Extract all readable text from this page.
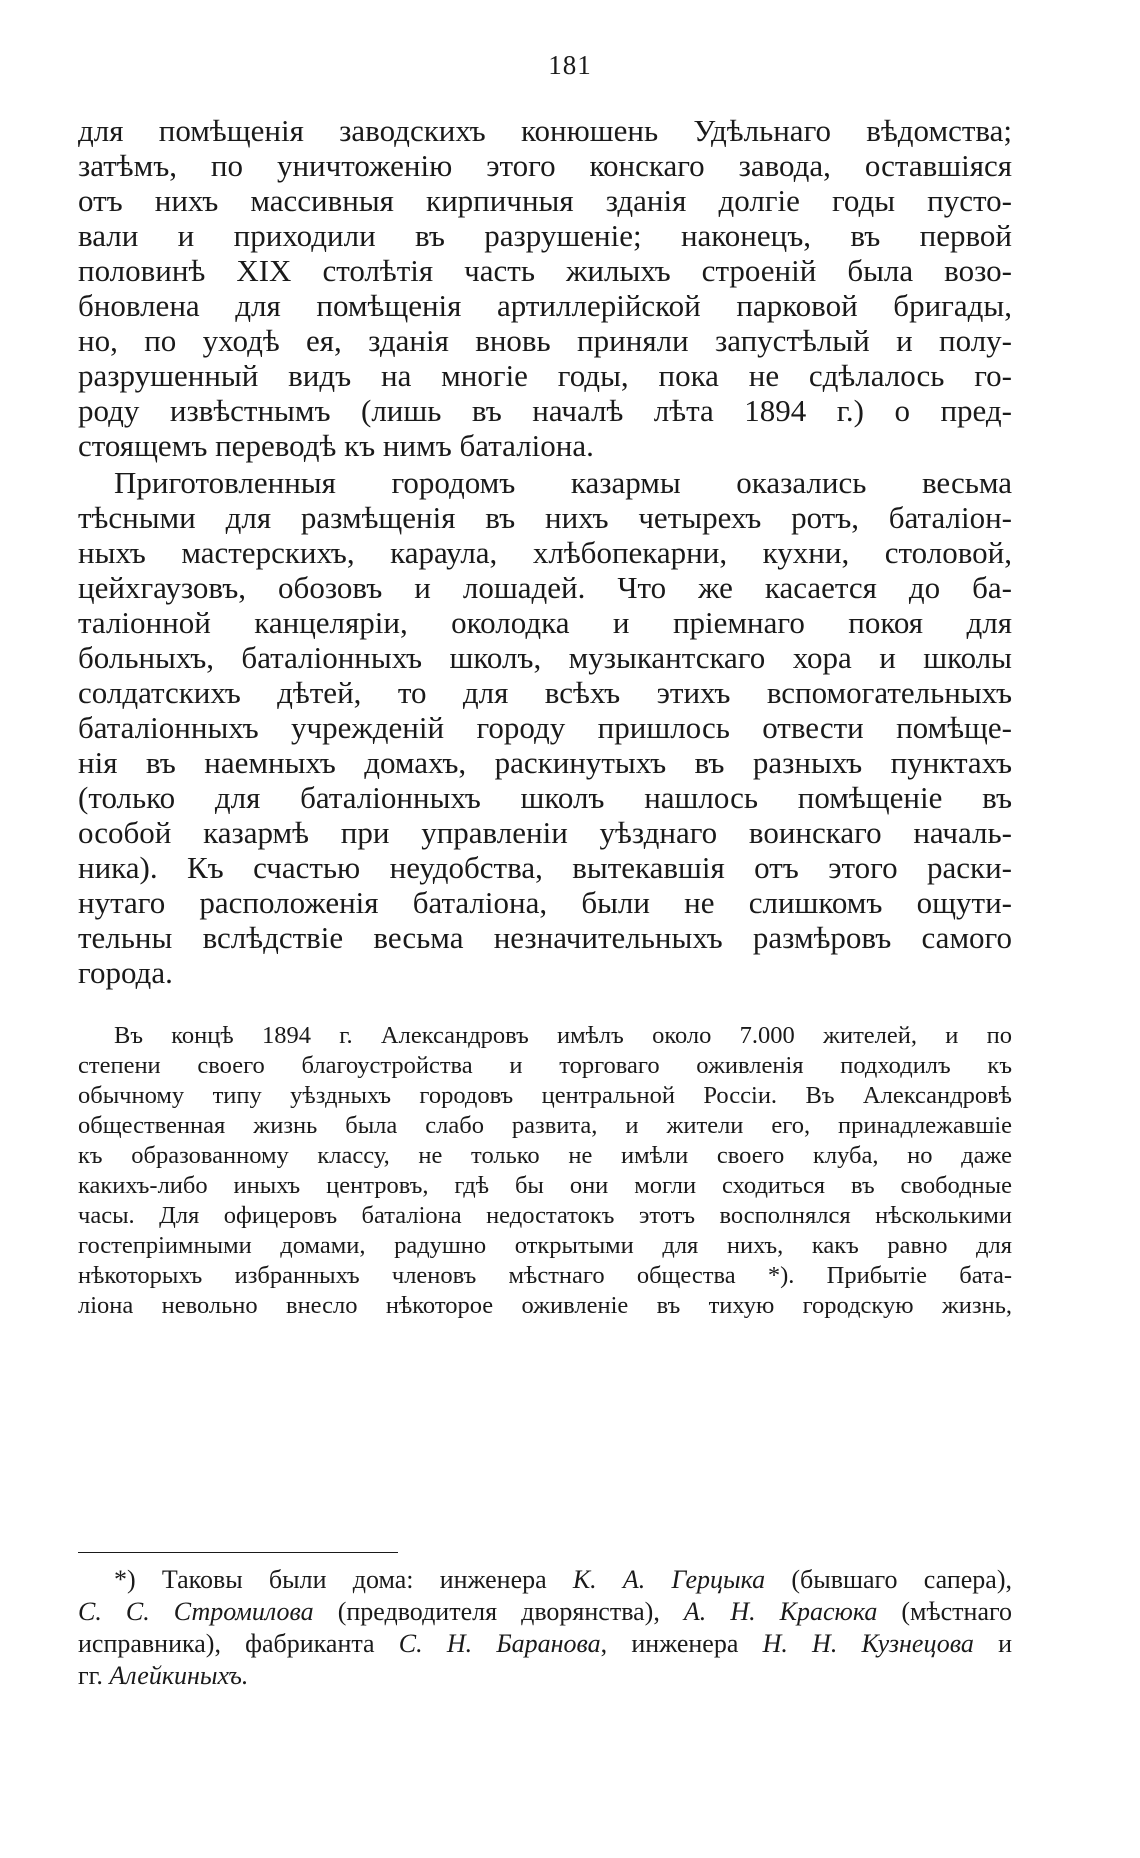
181
для помѣщенія заводскихъ конюшень Удѣльнаго вѣдомства;
затѣмъ, по уничтоженію этого конскаго завода, оставшіяся
отъ нихъ массивныя кирпичныя зданія долгіе годы пусто-
вали и приходили въ разрушеніе; наконецъ, въ первой
половинѣ XIX столѣтія часть жилыхъ строеній была возо-
бновлена для помѣщенія артиллерійской парковой бригады,
но, по уходѣ ея, зданія вновь приняли запустѣлый и полу-
разрушенный видъ на многіе годы, пока не сдѣлалось го-
роду извѣстнымъ (лишь въ началѣ лѣта 1894 г.) о пред-
стоящемъ переводѣ къ нимъ баталіона.
Приготовленныя городомъ казармы оказались весьма
тѣсными для размѣщенія въ нихъ четырехъ ротъ, баталіон-
ныхъ мастерскихъ, караула, хлѣбопекарни, кухни, столовой,
цейхгаузовъ, обозовъ и лошадей. Что же касается до ба-
таліонной канцеляріи, околодка и пріемнаго покоя для
больныхъ, баталіонныхъ школъ, музыкантскаго хора и школы
солдатскихъ дѣтей, то для всѣхъ этихъ вспомогательныхъ
баталіонныхъ учрежденій городу пришлось отвести помѣще-
нія въ наемныхъ домахъ, раскинутыхъ въ разныхъ пунктахъ
(только для баталіонныхъ школъ нашлось помѣщеніе въ
особой казармѣ при управленіи уѣзднаго воинскаго началь-
ника). Къ счастью неудобства, вытекавшія отъ этого раски-
нутаго расположенія баталіона, были не слишкомъ ощути-
тельны вслѣдствіе весьма незначительныхъ размѣровъ самого
города.
Въ концѣ 1894 г. Александровъ имѣлъ около 7.000 жителей, и по
степени своего благоустройства и торговаго оживленія подходилъ къ
обычному типу уѣздныхъ городовъ центральной Россіи. Въ Александровѣ
общественная жизнь была слабо развита, и жители его, принадлежавшіе
къ образованному классу, не только не имѣли своего клуба, но даже
какихъ-либо иныхъ центровъ, гдѣ бы они могли сходиться въ свободные
часы. Для офицеровъ баталіона недостатокъ этотъ восполнялся нѣсколькими
гостепріимными домами, радушно открытыми для нихъ, какъ равно для
нѣкоторыхъ избранныхъ членовъ мѣстнаго общества *). Прибытіе бата-
ліона невольно внесло нѣкоторое оживленіе въ тихую городскую жизнь,
*) Таковы были дома: инженера К. А. Герцыка (бывшаго сапера),
С. С. Стромилова (предводителя дворянства), А. Н. Красюка (мѣстнаго
исправника), фабриканта С. Н. Баранова, инженера Н. Н. Кузнецова и
гг. Алейкиныхъ.
